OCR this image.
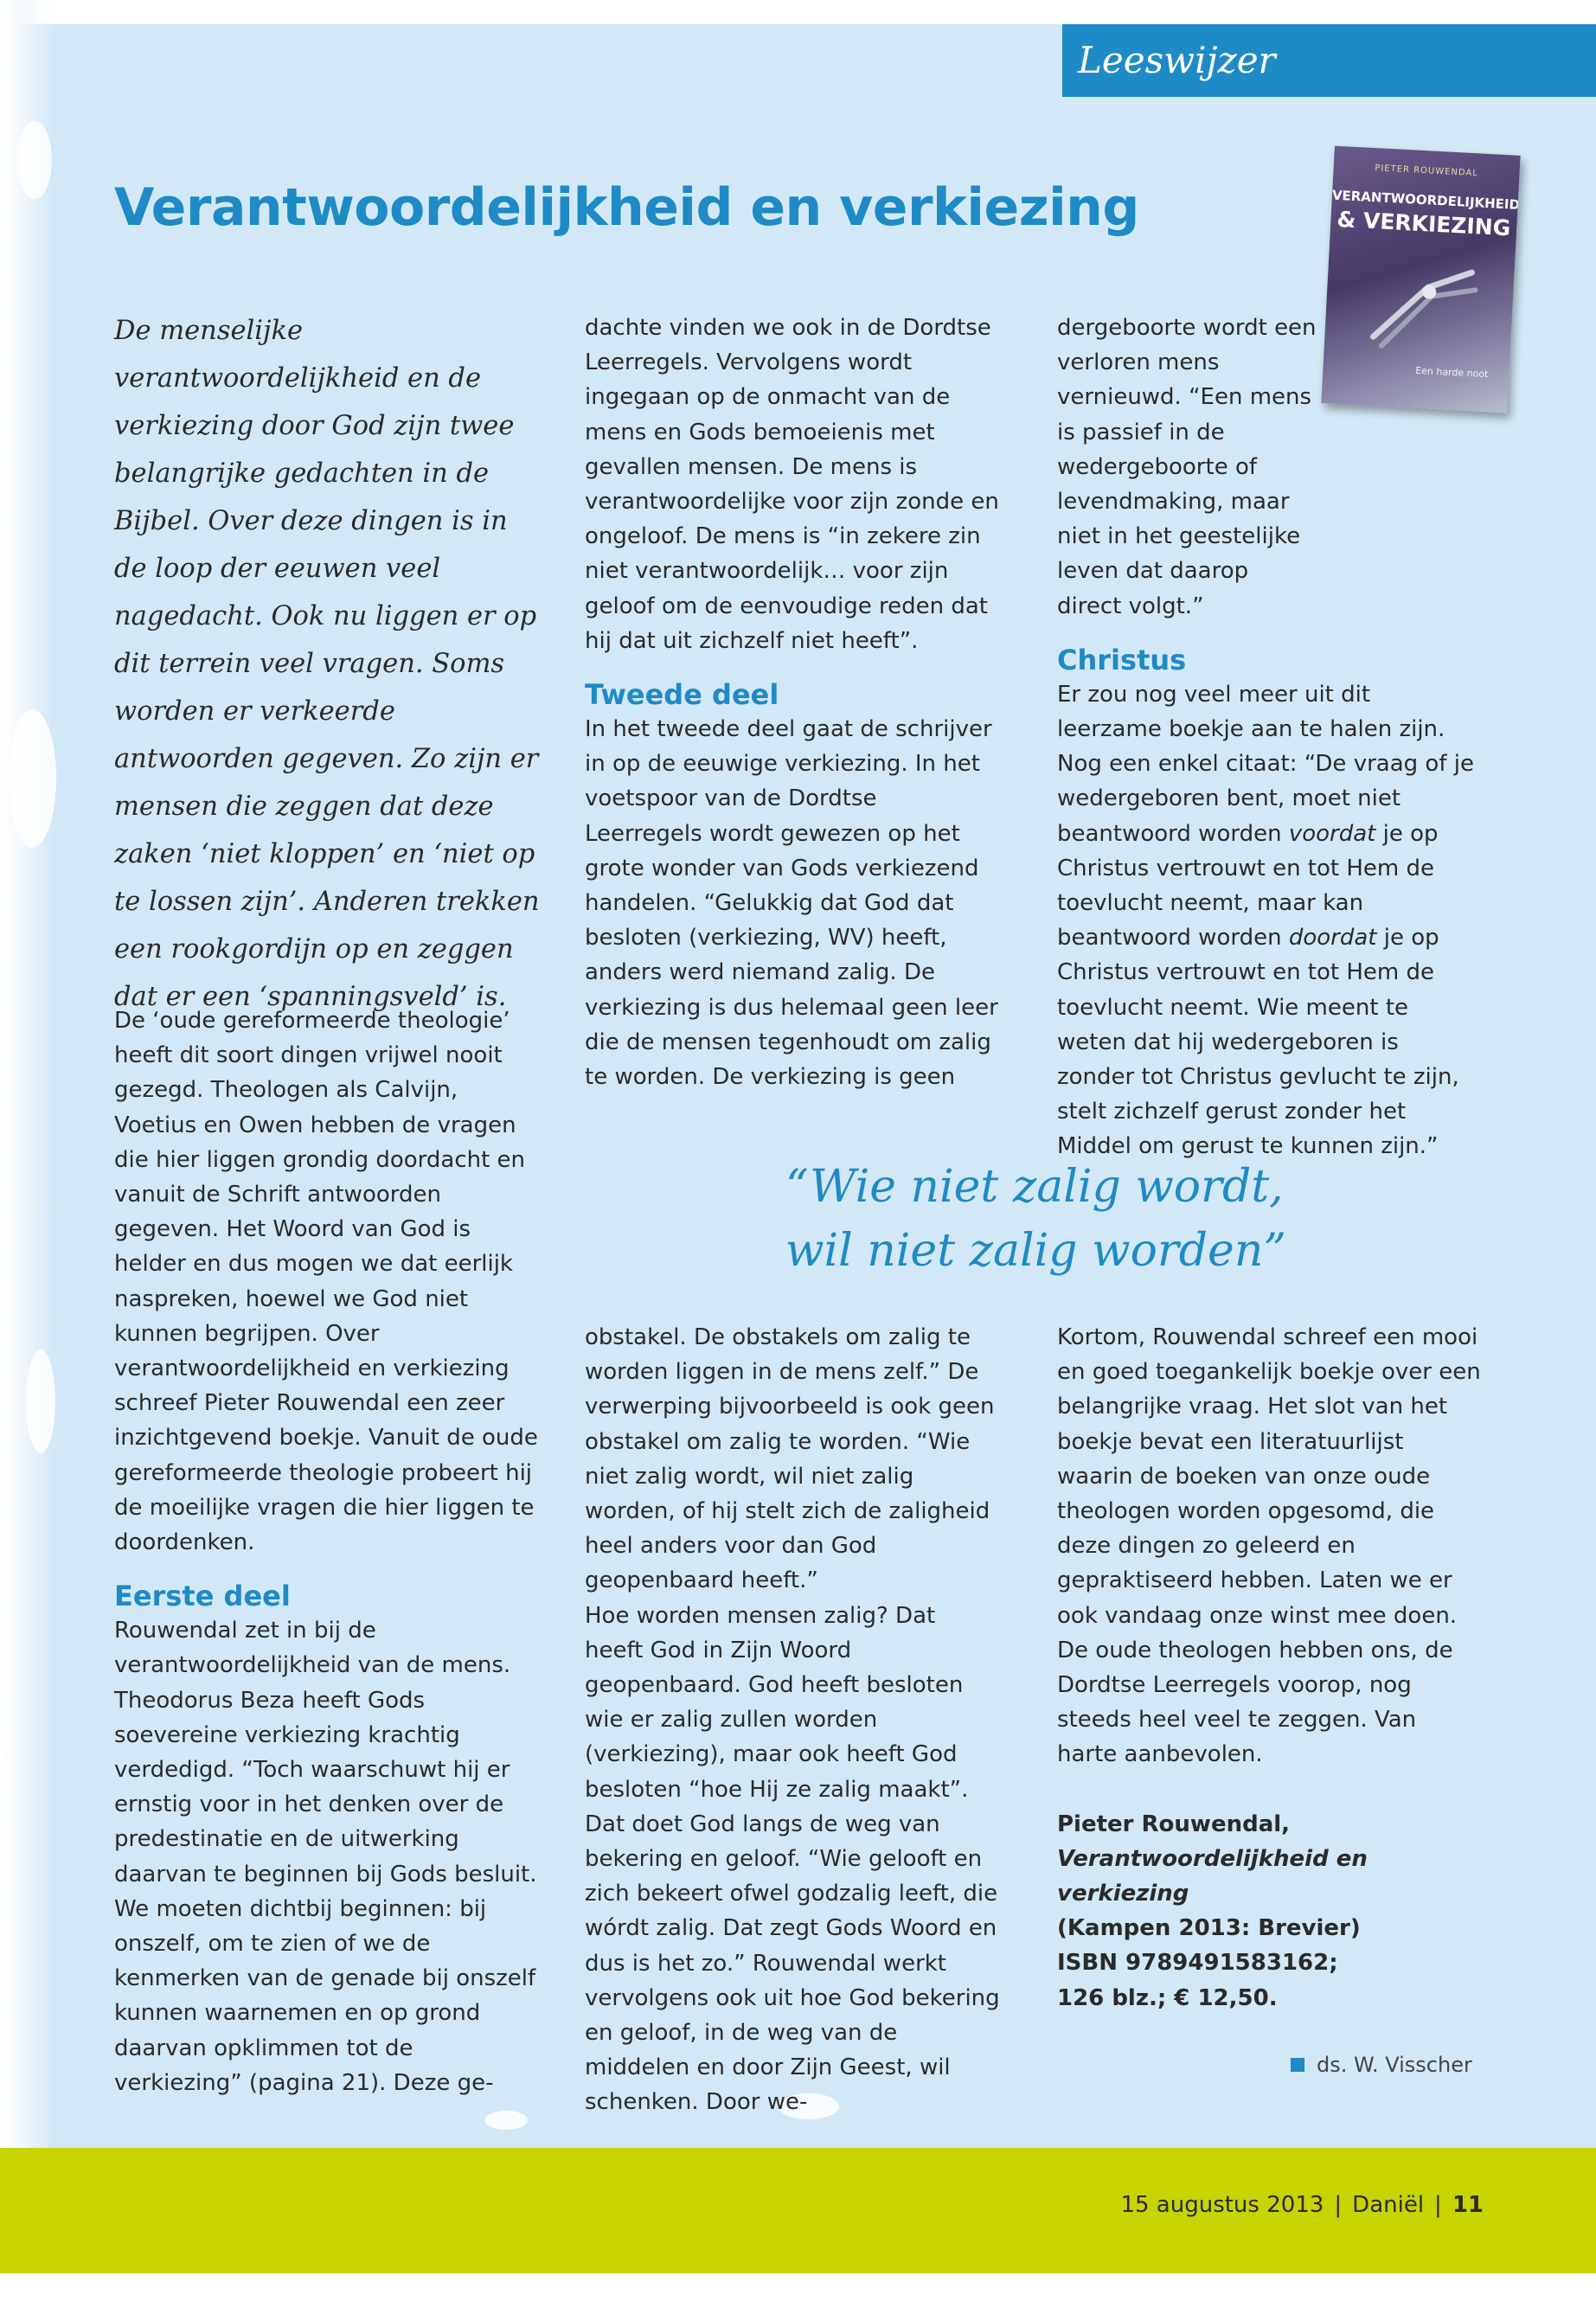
Leeswijzer
Verantwoordelijkheid en verkiezing
PIETER ROUWENDAL
VERANTWOORDELIJKHEID
& VERKIEZING
Een harde noot

De menselijke verantwoordelijkheid en de verkiezing door God zijn twee belangrijke gedachten in de Bijbel. Over deze dingen is in de loop der eeuwen veel nagedacht. Ook nu liggen er op dit terrein veel vragen. Soms worden er verkeerde antwoorden gegeven. Zo zijn er mensen die zeggen dat deze zaken ‘niet kloppen’ en ‘niet op te lossen zijn’. Anderen trekken een rookgordijn op en zeggen dat er een ‘spanningsveld’ is.

De ‘oude gereformeerde theologie’ heeft dit soort dingen vrijwel nooit gezegd. Theologen als Calvijn, Voetius en Owen hebben de vragen die hier liggen grondig doordacht en vanuit de Schrift antwoorden gegeven. Het Woord van God is helder en dus mogen we dat eerlijk naspreken, hoewel we God niet kunnen begrijpen. Over verantwoordelijkheid en verkiezing schreef Pieter Rouwendal een zeer inzichtgevend boekje. Vanuit de oude gereformeerde theologie probeert hij de moeilijke vragen die hier liggen te doordenken.

Eerste deel

Rouwendal zet in bij de verantwoordelijkheid van de mens. Theodorus Beza heeft Gods soevereine verkiezing krachtig verdedigd. “Toch waarschuwt hij er ernstig voor in het denken over de predestinatie en de uitwerking daarvan te beginnen bij Gods besluit. We moeten dichtbij beginnen: bij onszelf, om te zien of we de kenmerken van de genade bij onszelf kunnen waarnemen en op grond daarvan opklimmen tot de verkiezing” (pagina 21). Deze ge-

dachte vinden we ook in de Dordtse Leerregels. Vervolgens wordt ingegaan op de onmacht van de mens en Gods bemoeienis met gevallen mensen. De mens is verantwoordelijke voor zijn zonde en ongeloof. De mens is “in zekere zin niet verantwoordelijk… voor zijn geloof om de eenvoudige reden dat hij dat uit zichzelf niet heeft”.

Tweede deel

In het tweede deel gaat de schrijver in op de eeuwige verkiezing. In het voetspoor van de Dordtse Leerregels wordt gewezen op het grote wonder van Gods verkiezend handelen. “Gelukkig dat God dat besloten (verkiezing, WV) heeft, anders werd niemand zalig. De verkiezing is dus helemaal geen leer die de mensen tegenhoudt om zalig te worden. De verkiezing is geen

dergeboorte wordt een verloren mens vernieuwd. “Een mens is passief in de wedergeboorte of levendmaking, maar niet in het geestelijke leven dat daarop direct volgt.”

Christus

Er zou nog veel meer uit dit leerzame boekje aan te halen zijn. Nog een enkel citaat: “De vraag of je wedergeboren bent, moet niet beantwoord worden voordat je op Christus vertrouwt en tot Hem de toevlucht neemt, maar kan beantwoord worden doordat je op Christus vertrouwt en tot Hem de toevlucht neemt. Wie meent te weten dat hij wedergeboren is zonder tot Christus gevlucht te zijn, stelt zichzelf gerust zonder het Middel om gerust te kunnen zijn.”

“Wie niet zalig wordt,
wil niet zalig worden”

obstakel. De obstakels om zalig te worden liggen in de mens zelf.” De verwerping bijvoorbeeld is ook geen obstakel om zalig te worden. “Wie niet zalig wordt, wil niet zalig worden, of hij stelt zich de zaligheid heel anders voor dan God geopenbaard heeft.”

Hoe worden mensen zalig? Dat heeft God in Zijn Woord geopenbaard. God heeft besloten wie er zalig zullen worden (verkiezing), maar ook heeft God besloten “hoe Hij ze zalig maakt”. Dat doet God langs de weg van bekering en geloof. “Wie gelooft en zich bekeert ofwel godzalig leeft, die wórdt zalig. Dat zegt Gods Woord en dus is het zo.” Rouwendal werkt vervolgens ook uit hoe God bekering en geloof, in de weg van de middelen en door Zijn Geest, wil schenken. Door we-

Kortom, Rouwendal schreef een mooi en goed toegankelijk boekje over een belangrijke vraag. Het slot van het boekje bevat een literatuurlijst waarin de boeken van onze oude theologen worden opgesomd, die deze dingen zo geleerd en gepraktiseerd hebben. Laten we er ook vandaag onze winst mee doen. De oude theologen hebben ons, de Dordtse Leerregels voorop, nog steeds heel veel te zeggen. Van harte aanbevolen.

Pieter Rouwendal,
Verantwoordelijkheid en verkiezing
(Kampen 2013: Brevier)
ISBN 9789491583162;
126 blz.; € 12,50.
ds. W. Visscher
15 augustus 2013 | Daniël | 11
